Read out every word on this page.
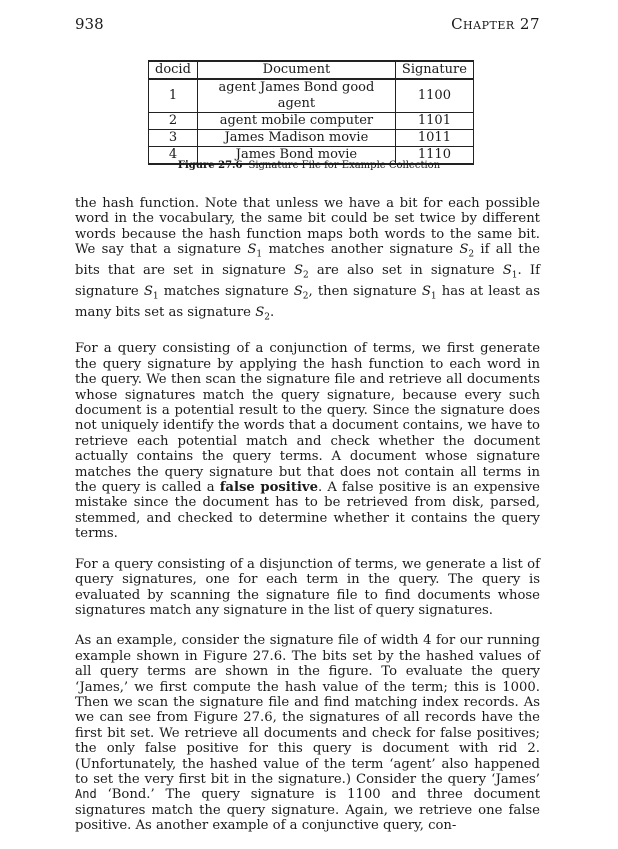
938	Chapter 27
docid	Document	Signature
1	agent James Bond good agent	1100
2	agent mobile computer	1101
3	James Madison movie	1011
4	James Bond movie	1110
Figure 27.6 Signature File for Example Collection

the hash function. Note that unless we have a bit for each possible word in the vocabulary, the same bit could be set twice by different words because the hash function maps both words to the same bit. We say that a signature $S_1$ matches another signature $S_2$ if all the bits that are set in signature $S_2$ are also set in signature $S_1$. If signature $S_1$ matches signature $S_2$, then signature $S_1$ has at least as many bits set as signature $S_2$.

For a query consisting of a conjunction of terms, we first generate the query signature by applying the hash function to each word in the query. We then scan the signature file and retrieve all documents whose signatures match the query signature, because every such document is a potential result to the query. Since the signature does not uniquely identify the words that a document contains, we have to retrieve each potential match and check whether the document actually contains the query terms. A document whose signature matches the query signature but that does not contain all terms in the query is called a false positive. A false positive is an expensive mistake since the document has to be retrieved from disk, parsed, stemmed, and checked to determine whether it contains the query terms.

For a query consisting of a disjunction of terms, we generate a list of query signatures, one for each term in the query. The query is evaluated by scanning the signature file to find documents whose signatures match any signature in the list of query signatures.

As an example, consider the signature file of width 4 for our running example shown in Figure 27.6. The bits set by the hashed values of all query terms are shown in the figure. To evaluate the query ‘James,’ we first compute the hash value of the term; this is 1000. Then we scan the signature file and find matching index records. As we can see from Figure 27.6, the signatures of all records have the first bit set. We retrieve all documents and check for false positives; the only false positive for this query is document with rid 2. (Unfortunately, the hashed value of the term ‘agent’ also happened to set the very first bit in the signature.) Consider the query ‘James’ And ‘Bond.’ The query signature is 1100 and three document signatures match the query signature. Again, we retrieve one false positive. As another example of a conjunctive query, con-
